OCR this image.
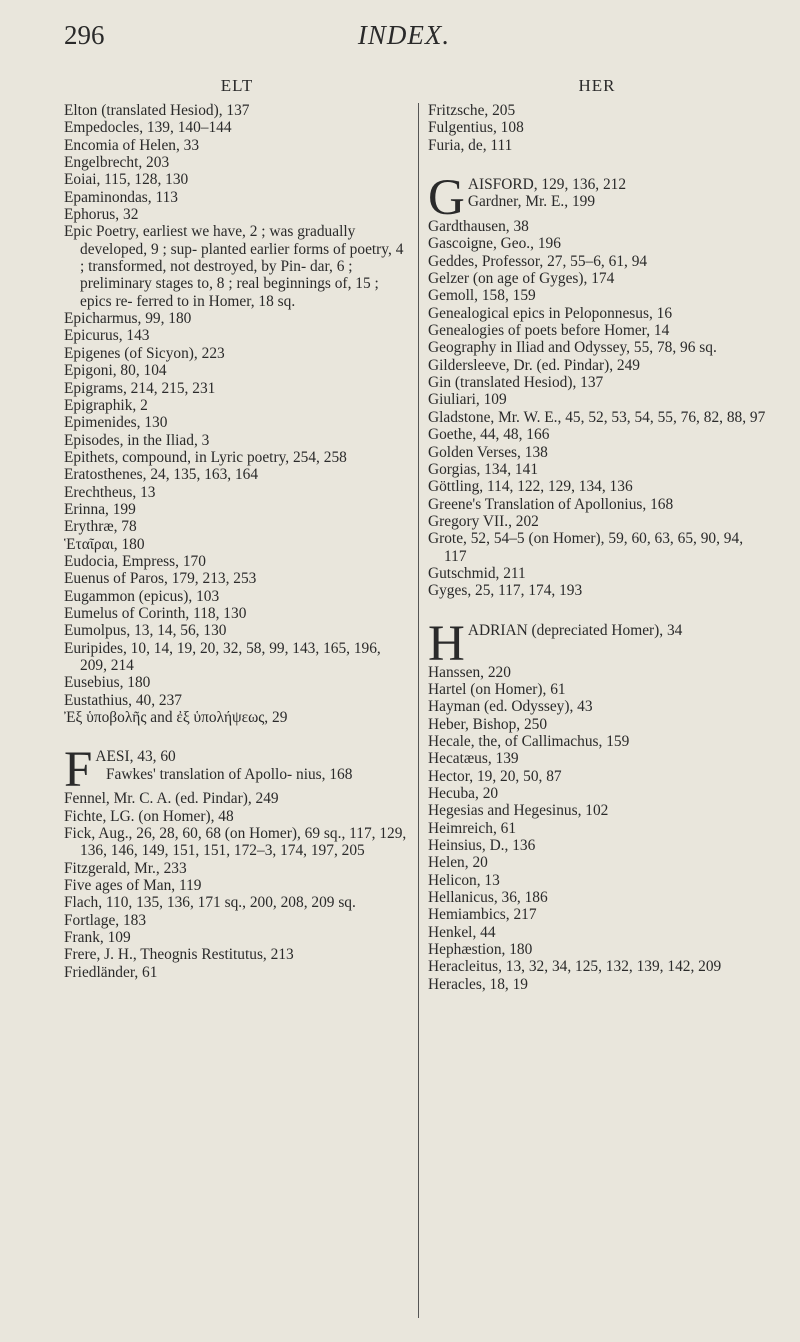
296	INDEX.
ELT	HER
Elton (translated Hesiod), 137
Empedocles, 139, 140–144
Encomia of Helen, 33
Engelbrecht, 203
Eoiai, 115, 128, 130
Epaminondas, 113
Ephorus, 32
Epic Poetry, earliest we have, 2 ; was gradually developed, 9 ; sup- planted earlier forms of poetry, 4 ; transformed, not destroyed, by Pin- dar, 6 ; preliminary stages to, 8 ; real beginnings of, 15 ; epics re- ferred to in Homer, 18 sq.
Epicharmus, 99, 180
Epicurus, 143
Epigenes (of Sicyon), 223
Epigoni, 80, 104
Epigrams, 214, 215, 231
Epigraphik, 2
Epimenides, 130
Episodes, in the Iliad, 3
Epithets, compound, in Lyric poetry, 254, 258
Eratosthenes, 24, 135, 163, 164
Erechtheus, 13
Erinna, 199
Erythræ, 78
Ἑταῖραι, 180
Eudocia, Empress, 170
Euenus of Paros, 179, 213, 253
Eugammon (epicus), 103
Eumelus of Corinth, 118, 130
Eumolpus, 13, 14, 56, 130
Euripides, 10, 14, 19, 20, 32, 58, 99, 143, 165, 196, 209, 214
Eusebius, 180
Eustathius, 40, 237
Ἐξ ὑποβολῆς and ἐξ ὑπολήψεως, 29
F AESI, 43, 60
Fawkes' translation of Apollo- nius, 168
Fennel, Mr. C. A. (ed. Pindar), 249
Fichte, LG. (on Homer), 48
Fick, Aug., 26, 28, 60, 68 (on Homer), 69 sq., 117, 129, 136, 146, 149, 151, 151, 172–3, 174, 197, 205
Fitzgerald, Mr., 233
Five ages of Man, 119
Flach, 110, 135, 136, 171 sq., 200, 208, 209 sq.
Fortlage, 183
Frank, 109
Frere, J. H., Theognis Restitutus, 213
Friedländer, 61
Fritzsche, 205
Fulgentius, 108
Furia, de, 111
G AISFORD, 129, 136, 212
Gardner, Mr. E., 199
Gardthausen, 38
Gascoigne, Geo., 196
Geddes, Professor, 27, 55–6, 61, 94
Gelzer (on age of Gyges), 174
Gemoll, 158, 159
Genealogical epics in Peloponnesus, 16
Genealogies of poets before Homer, 14
Geography in Iliad and Odyssey, 55, 78, 96 sq.
Gildersleeve, Dr. (ed. Pindar), 249
Gin (translated Hesiod), 137
Giuliari, 109
Gladstone, Mr. W. E., 45, 52, 53, 54, 55, 76, 82, 88, 97
Goethe, 44, 48, 166
Golden Verses, 138
Gorgias, 134, 141
Göttling, 114, 122, 129, 134, 136
Greene's Translation of Apollonius, 168
Gregory VII., 202
Grote, 52, 54–5 (on Homer), 59, 60, 63, 65, 90, 94, 117
Gutschmid, 211
Gyges, 25, 117, 174, 193
H ADRIAN (depreciated Homer), 34
Hanssen, 220
Hartel (on Homer), 61
Hayman (ed. Odyssey), 43
Heber, Bishop, 250
Hecale, the, of Callimachus, 159
Hecatæus, 139
Hector, 19, 20, 50, 87
Hecuba, 20
Hegesias and Hegesinus, 102
Heimreich, 61
Heinsius, D., 136
Helen, 20
Helicon, 13
Hellanicus, 36, 186
Hemiambics, 217
Henkel, 44
Hephæstion, 180
Heracleitus, 13, 32, 34, 125, 132, 139, 142, 209
Heracles, 18, 19
